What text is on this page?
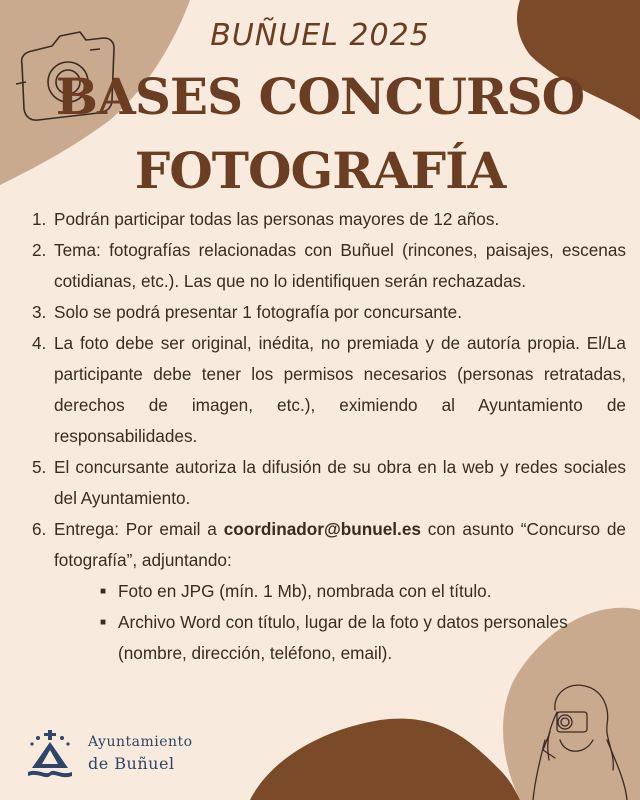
BUÑUEL 2025
BASES CONCURSO
FOTOGRAFÍA
1. Podrán participar todas las personas mayores de 12 años.
2. Tema: fotografías relacionadas con Buñuel (rincones, paisajes, escenas cotidianas, etc.). Las que no lo identifiquen serán rechazadas.
3. Solo se podrá presentar 1 fotografía por concursante.
4. La foto debe ser original, inédita, no premiada y de autoría propia. El/La participante debe tener los permisos necesarios (personas retratadas, derechos de imagen, etc.), eximiendo al Ayuntamiento de responsabilidades.
5. El concursante autoriza la difusión de su obra en la web y redes sociales del Ayuntamiento.
6. Entrega: Por email a coordinador@bunuel.es con asunto “Concurso de fotografía”, adjuntando:
■ Foto en JPG (mín. 1 Mb), nombrada con el título.
■ Archivo Word con título, lugar de la foto y datos personales (nombre, dirección, teléfono, email).
Ayuntamiento
de Buñuel
